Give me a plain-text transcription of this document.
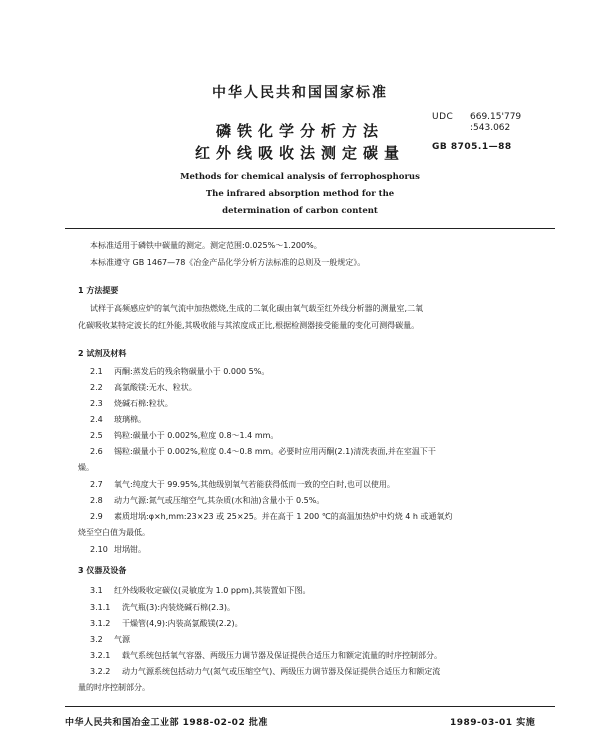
中华人民共和国国家标准
UDC 669.15'779
:543.062
GB 8705.1—88
磷铁化学分析方法
红外线吸收法测定碳量
Methods for chemical analysis of ferrophosphorus
The infrared absorption method for the
determination of carbon content
本标准适用于磷铁中碳量的测定。测定范围:0.025%～1.200%。
本标准遵守 GB 1467—78《冶金产品化学分析方法标准的总则及一般规定》。
1 方法提要
试样于高频感应炉的氧气流中加热燃烧,生成的二氧化碳由氧气载至红外线分析器的测量室,二氧
化碳吸收某特定波长的红外能,其吸收能与其浓度成正比,根据检测器接受能量的变化可测得碳量。
2 试剂及材料
2.1 丙酮:蒸发后的残余物碳量小于 0.000 5%。
2.2 高氯酸镁:无水、粒状。
2.3 烧碱石棉:粒状。
2.4 玻璃棉。
2.5 钨粒:碳量小于 0.002%,粒度 0.8～1.4 mm。
2.6 锡粒:碳量小于 0.002%,粒度 0.4～0.8 mm。必要时应用丙酮(2.1)清洗表面,并在室温下干
燥。
2.7 氧气:纯度大于 99.95%,其他级别氧气若能获得低而一致的空白时,也可以使用。
2.8 动力气源:氮气或压缩空气,其杂质(水和油)含量小于 0.5%。
2.9 素质坩埚:φ×h,mm:23×23 或 25×25。并在高于 1 200 ℃的高温加热炉中灼烧 4 h 或通氧灼
烧至空白值为最低。
2.10 坩埚钳。
3 仪器及设备
3.1 红外线吸收定碳仪(灵敏度为 1.0 ppm),其装置如下图。
3.1.1 洗气瓶(3):内装烧碱石棉(2.3)。
3.1.2 干燥管(4,9):内装高氯酸镁(2.2)。
3.2 气源
3.2.1 载气系统包括氧气容器、两级压力调节器及保证提供合适压力和额定流量的时序控制部分。
3.2.2 动力气源系统包括动力气(氮气或压缩空气)、两级压力调节器及保证提供合适压力和额定流
量的时序控制部分。
中华人民共和国冶金工业部 1988-02-02 批准	1989-03-01 实施
